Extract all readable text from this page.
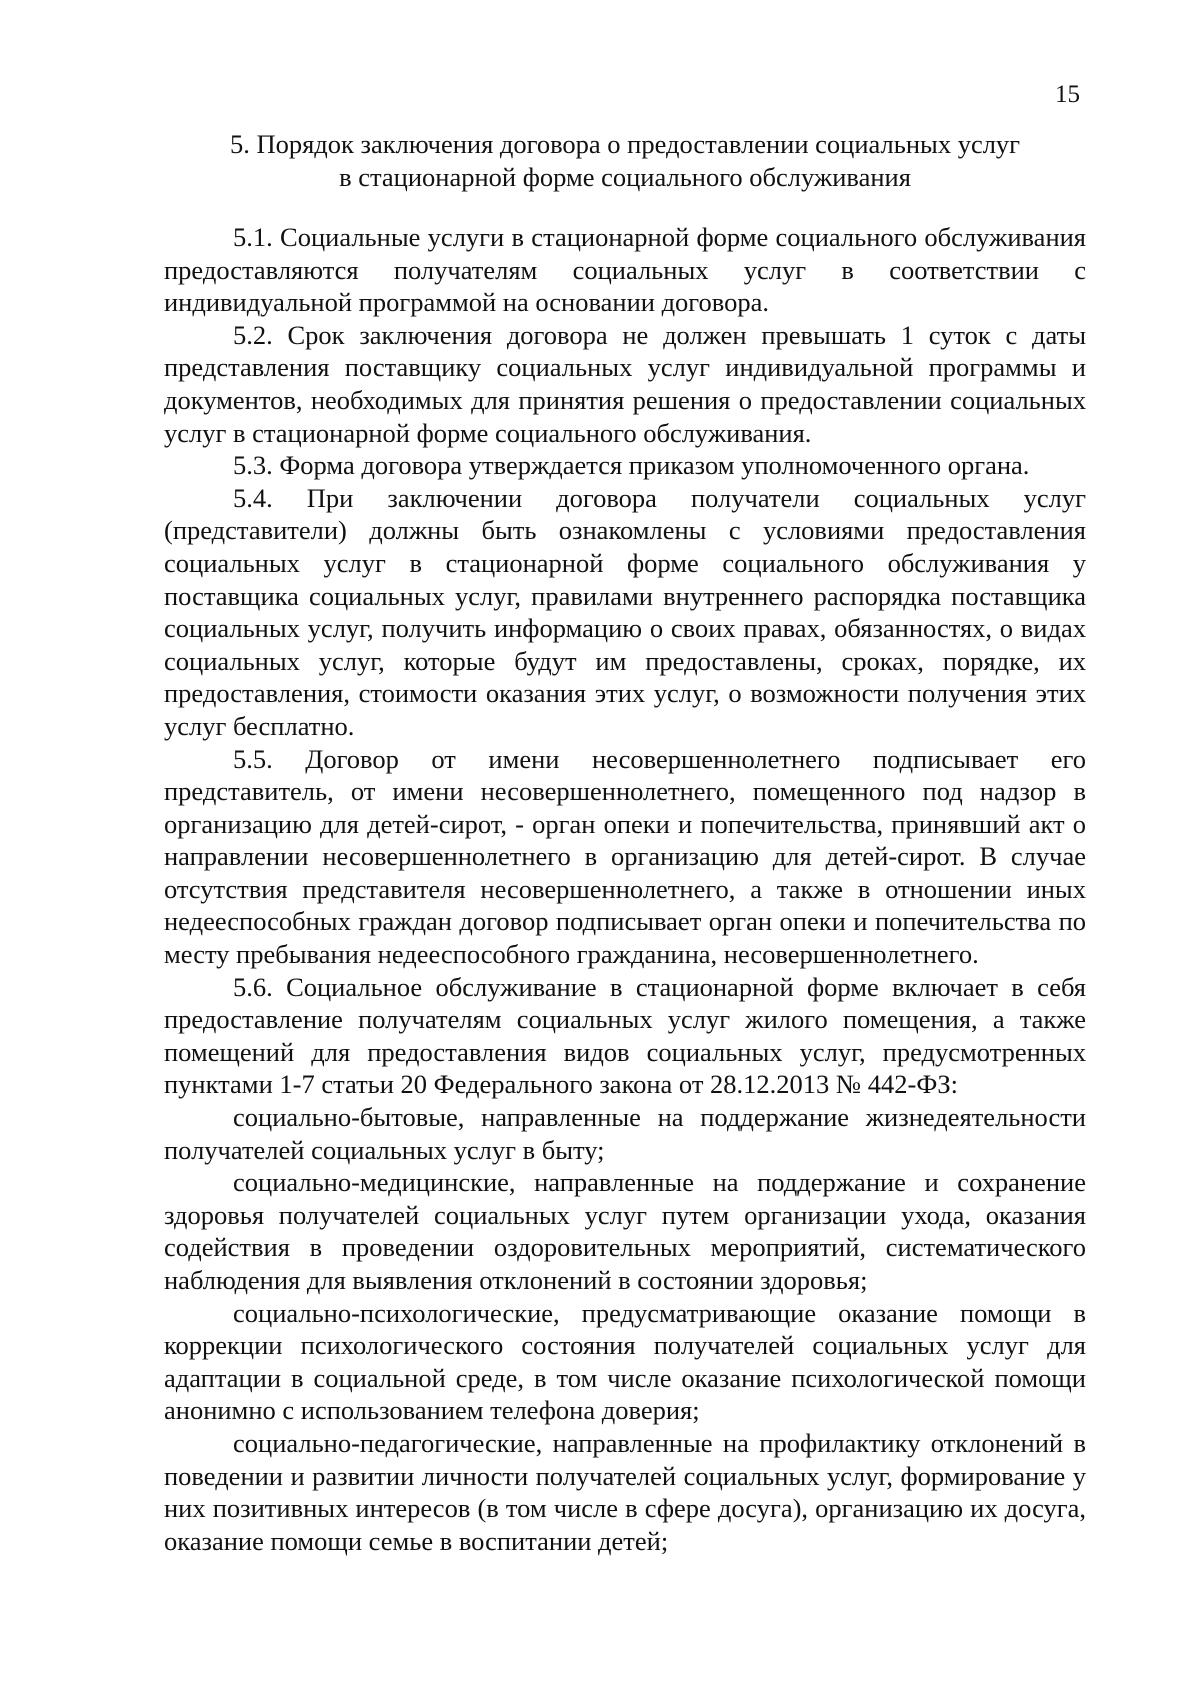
15
5. Порядок заключения договора о предоставлении социальных услуг
в стационарной форме социального обслуживания

5.1. Социальные услуги в стационарной форме социального обслуживания предоставляются получателям социальных услуг в соответствии с индивидуальной программой на основании договора.

5.2. Срок заключения договора не должен превышать 1 суток с даты представления поставщику социальных услуг индивидуальной программы и документов, необходимых для принятия решения о предоставлении социальных услуг в стационарной форме социального обслуживания.

5.3. Форма договора утверждается приказом уполномоченного органа.

5.4. При заключении договора получатели социальных услуг (представители) должны быть ознакомлены с условиями предоставления социальных услуг в стационарной форме социального обслуживания у поставщика социальных услуг, правилами внутреннего распорядка поставщика социальных услуг, получить информацию о своих правах, обязанностях, о видах социальных услуг, которые будут им предоставлены, сроках, порядке, их предоставления, стоимости оказания этих услуг, о возможности получения этих услуг бесплатно.

5.5. Договор от имени несовершеннолетнего подписывает его представитель, от имени несовершеннолетнего, помещенного под надзор в организацию для детей-сирот, - орган опеки и попечительства, принявший акт о направлении несовершеннолетнего в организацию для детей-сирот. В случае отсутствия представителя несовершеннолетнего, а также в отношении иных недееспособных граждан договор подписывает орган опеки и попечительства по месту пребывания недееспособного гражданина, несовершеннолетнего.

5.6. Социальное обслуживание в стационарной форме включает в себя предоставление получателям социальных услуг жилого помещения, а также помещений для предоставления видов социальных услуг, предусмотренных пунктами 1-7 статьи 20 Федерального закона от 28.12.2013 № 442-ФЗ:

социально-бытовые, направленные на поддержание жизнедеятельности получателей социальных услуг в быту;

социально-медицинские, направленные на поддержание и сохранение здоровья получателей социальных услуг путем организации ухода, оказания содействия в проведении оздоровительных мероприятий, систематического наблюдения для выявления отклонений в состоянии здоровья;

социально-психологические, предусматривающие оказание помощи в коррекции психологического состояния получателей социальных услуг для адаптации в социальной среде, в том числе оказание психологической помощи анонимно с использованием телефона доверия;

социально-педагогические, направленные на профилактику отклонений в поведении и развитии личности получателей социальных услуг, формирование у них позитивных интересов (в том числе в сфере досуга), организацию их досуга, оказание помощи семье в воспитании детей;
